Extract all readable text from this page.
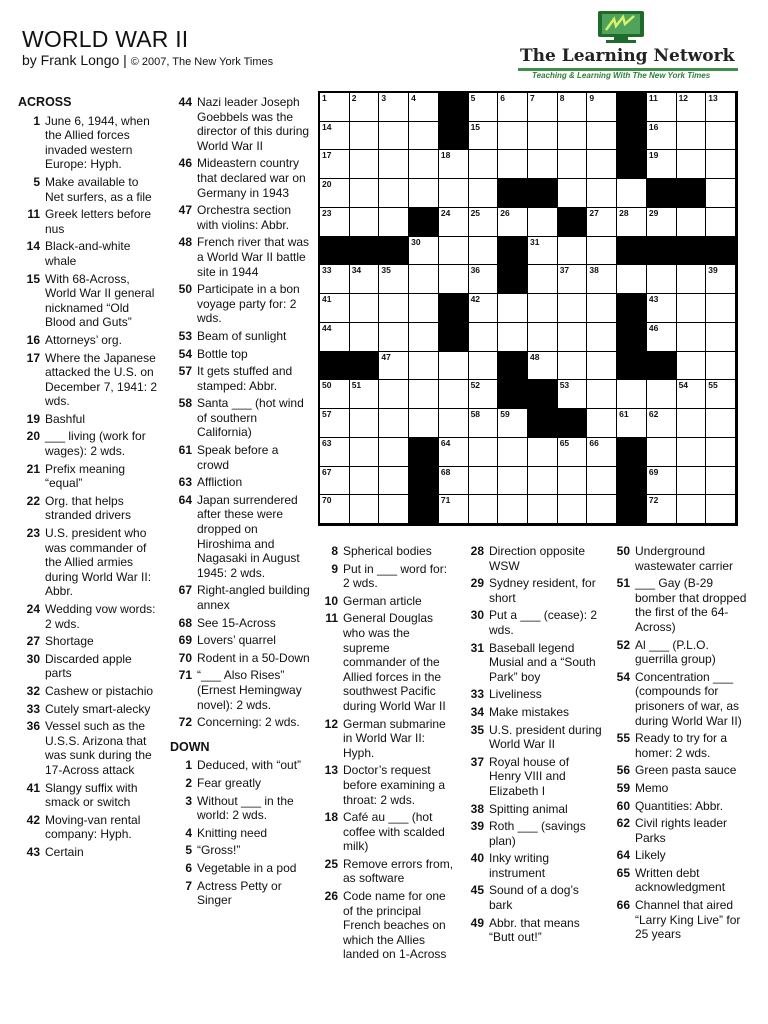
WORLD WAR II
by Frank Longo | © 2007, The New York Times	The Learning Network
Teaching & Learning With The New York Times
ACROSS
1 June 6, 1944, when the Allied forces invaded western Europe: Hyph.
5 Make available to Net surfers, as a file
11 Greek letters before nus
14 Black-and-white whale
15 With 68-Across, World War II general nicknamed “Old Blood and Guts”
16 Attorneys’ org.
17 Where the Japanese attacked the U.S. on December 7, 1941: 2 wds.
19 Bashful
20 ___ living (work for wages): 2 wds.
21 Prefix meaning “equal”
22 Org. that helps stranded drivers
23 U.S. president who was commander of the Allied armies during World War II: Abbr.
24 Wedding vow words: 2 wds.
27 Shortage
30 Discarded apple parts
32 Cashew or pistachio
33 Cutely smart-alecky
36 Vessel such as the U.S.S. Arizona that was sunk during the 17-Across attack
41 Slangy suffix with smack or switch
42 Moving-van rental company: Hyph.
43 Certain
44 Nazi leader Joseph Goebbels was the director of this during World War II
46 Mideastern country that declared war on Germany in 1943
47 Orchestra section with violins: Abbr.
48 French river that was a World War II battle site in 1944
50 Participate in a bon voyage party for: 2 wds.
53 Beam of sunlight
54 Bottle top
57 It gets stuffed and stamped: Abbr.
58 Santa ___ (hot wind of southern California)
61 Speak before a crowd
63 Affliction
64 Japan surrendered after these were dropped on Hiroshima and Nagasaki in August 1945: 2 wds.
67 Right-angled building annex
68 See 15-Across
69 Lovers’ quarrel
70 Rodent in a 50-Down
71 “___ Also Rises” (Ernest Hemingway novel): 2 wds.
72 Concerning: 2 wds.
DOWN
1 Deduced, with “out”
2 Fear greatly
3 Without ___ in the world: 2 wds.
4 Knitting need
5 “Gross!”
6 Vegetable in a pod
7 Actress Petty or Singer
8 Spherical bodies
9 Put in ___ word for: 2 wds.
10 German article
11 General Douglas who was the supreme commander of the Allied forces in the southwest Pacific during World War II
12 German submarine in World War II: Hyph.
13 Doctor’s request before examining a throat: 2 wds.
18 Café au ___ (hot coffee with scalded milk)
25 Remove errors from, as software
26 Code name for one of the principal French beaches on which the Allies landed on 1-Across
28 Direction opposite WSW
29 Sydney resident, for short
30 Put a ___ (cease): 2 wds.
31 Baseball legend Musial and a “South Park” boy
33 Liveliness
34 Make mistakes
35 U.S. president during World War II
37 Royal house of Henry VIII and Elizabeth I
38 Spitting animal
39 Roth ___ (savings plan)
40 Inky writing instrument
45 Sound of a dog’s bark
49 Abbr. that means “Butt out!”
50 Underground wastewater carrier
51 ___ Gay (B-29 bomber that dropped the first of the 64-Across)
52 Al ___ (P.L.O. guerrilla group)
54 Concentration ___ (compounds for prisoners of war, as during World War II)
55 Ready to try for a homer: 2 wds.
56 Green pasta sauce
59 Memo
60 Quantities: Abbr.
62 Civil rights leader Parks
64 Likely
65 Written debt acknowledgment
66 Channel that aired “Larry King Live” for 25 years
1	2	3	4	5	6	7	8	9	11 12 13
14	15	16
17	18	19
20
23	24 25 26	27 28 29
30	31
33 34 35	36	37 38	39
41	42	43
44	46
47	48
50 51	52	53	54 55
57	58 59	61 62
63	64	65 66
67	68	69
70	71	72
